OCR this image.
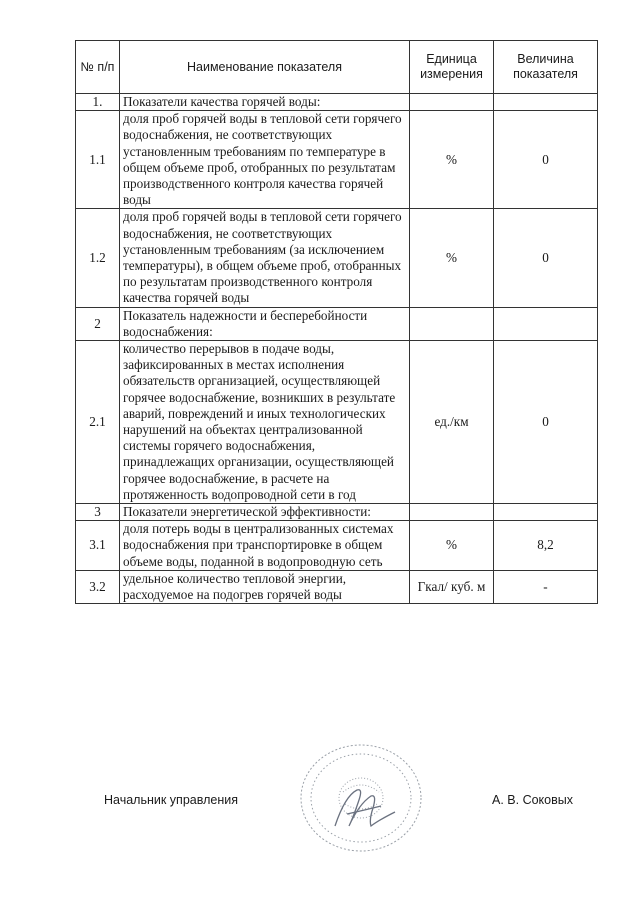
№ п/п	Наименование показателя	Единица измерения	Величина показателя
1.	Показатели качества горячей воды:		
1.1	доля проб горячей воды в тепловой сети горячего водоснабжения, не соответствующих установленным требованиям по температуре в общем объеме проб, отобранных по результатам производственного контроля качества горячей воды	%	0
1.2	доля проб горячей воды в тепловой сети горячего водоснабжения, не соответствующих установленным требованиям (за исключением температуры), в общем объеме проб, отобранных по результатам производственного контроля качества горячей воды	%	0
2	Показатель надежности и бесперебойности водоснабжения:		
2.1	количество перерывов в подаче воды, зафиксированных в местах исполнения обязательств организацией, осуществляющей горячее водоснабжение, возникших в результате аварий, повреждений и иных технологических нарушений на объектах централизованной системы горячего водоснабжения, принадлежащих организации, осуществляющей горячее водоснабжение, в расчете на протяженность водопроводной сети в год	ед./км	0
3	Показатели энергетической эффективности:		
3.1	доля потерь воды в централизованных системах водоснабжения при транспортировке в общем объеме воды, поданной в водопроводную сеть	%	8,2
3.2	удельное количество тепловой энергии, расходуемое на подогрев горячей воды	Гкал/ куб. м	-
Начальник управления	А. В. Соковых
